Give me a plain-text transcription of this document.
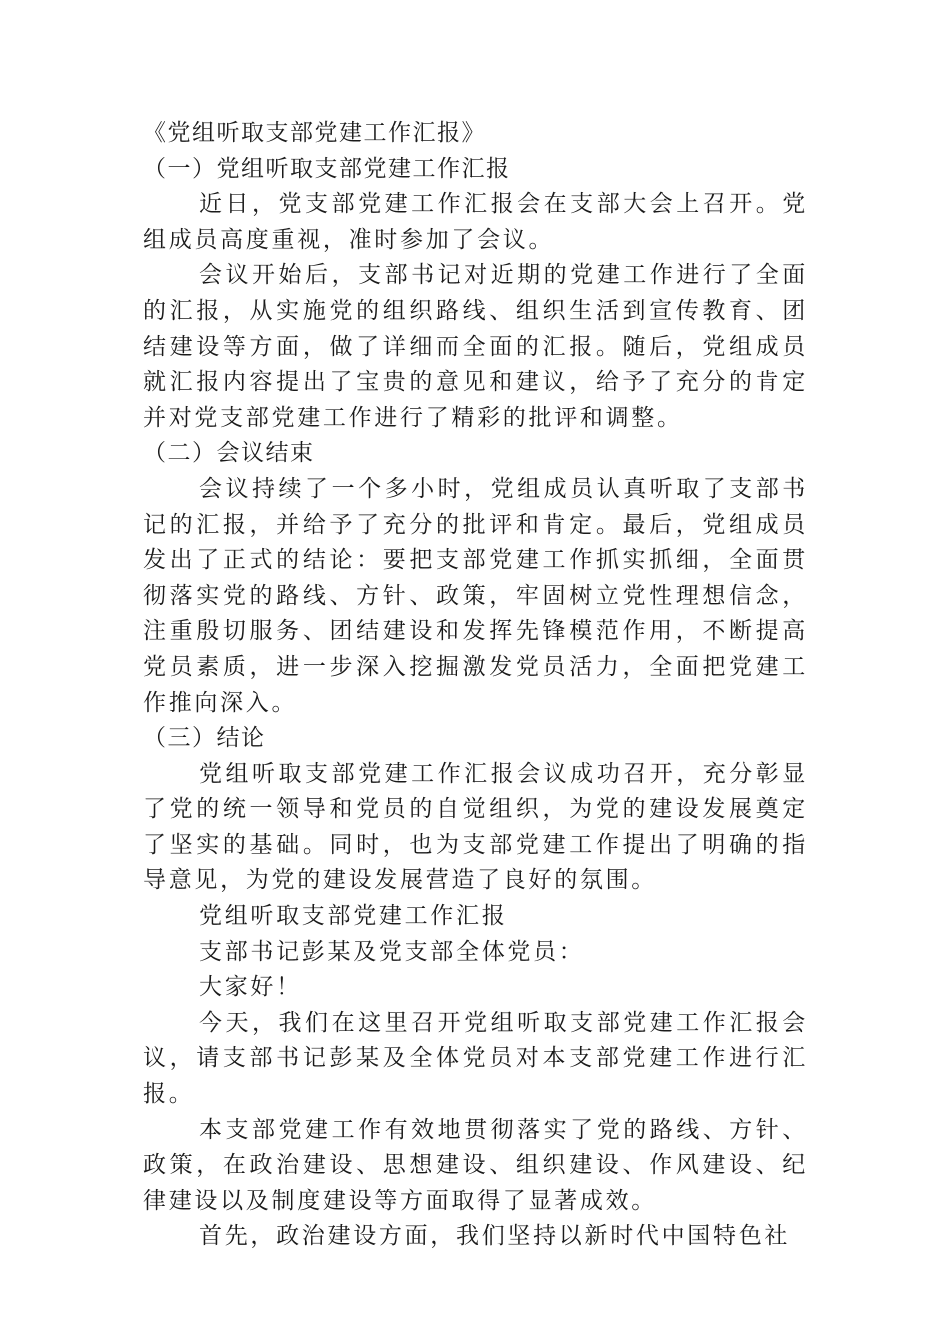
《党组听取支部党建工作汇报》

（一）党组听取支部党建工作汇报

近日，党支部党建工作汇报会在支部大会上召开。党组成员高度重视，准时参加了会议。

会议开始后，支部书记对近期的党建工作进行了全面的汇报，从实施党的组织路线、组织生活到宣传教育、团结建设等方面，做了详细而全面的汇报。随后，党组成员就汇报内容提出了宝贵的意见和建议，给予了充分的肯定并对党支部党建工作进行了精彩的批评和调整。

（二）会议结束

会议持续了一个多小时，党组成员认真听取了支部书记的汇报，并给予了充分的批评和肯定。最后，党组成员发出了正式的结论：要把支部党建工作抓实抓细，全面贯彻落实党的路线、方针、政策，牢固树立党性理想信念，注重殷切服务、团结建设和发挥先锋模范作用，不断提高党员素质，进一步深入挖掘激发党员活力，全面把党建工作推向深入。

（三）结论

党组听取支部党建工作汇报会议成功召开，充分彰显了党的统一领导和党员的自觉组织，为党的建设发展奠定了坚实的基础。同时，也为支部党建工作提出了明确的指导意见，为党的建设发展营造了良好的氛围。

党组听取支部党建工作汇报

支部书记彭某及党支部全体党员：

大家好！

今天，我们在这里召开党组听取支部党建工作汇报会议，请支部书记彭某及全体党员对本支部党建工作进行汇报。

本支部党建工作有效地贯彻落实了党的路线、方针、政策，在政治建设、思想建设、组织建设、作风建设、纪律建设以及制度建设等方面取得了显著成效。

首先，政治建设方面，我们坚持以新时代中国特色社
